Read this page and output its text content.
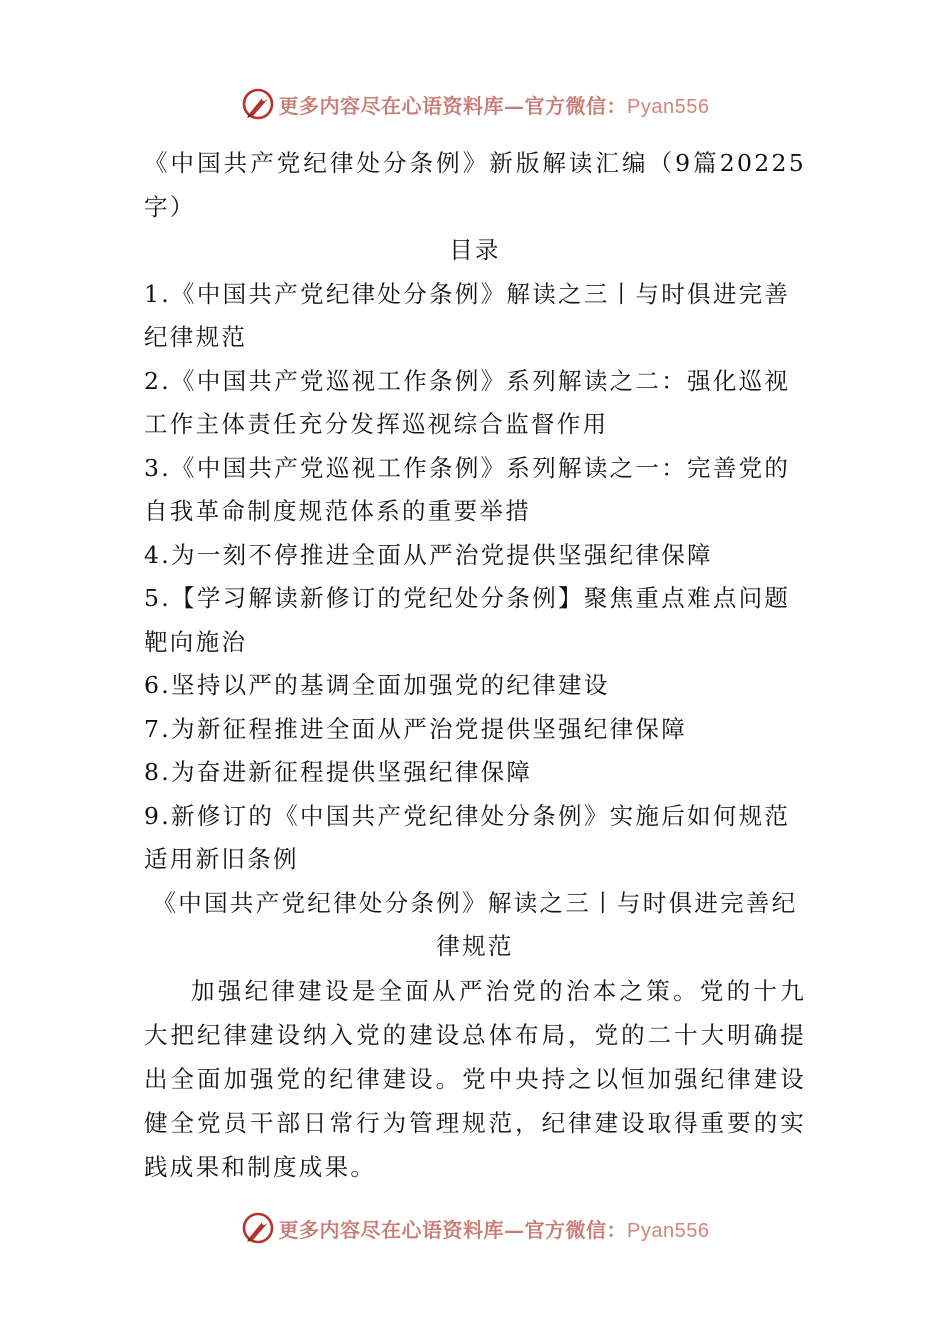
更多内容尽在心语资料库—官方微信：Pyan556

《中国共产党纪律处分条例》新版解读汇编（9篇20225字）

目录

1.《中国共产党纪律处分条例》解读之三丨与时俱进完善纪律规范

2.《中国共产党巡视工作条例》系列解读之二：强化巡视工作主体责任充分发挥巡视综合监督作用

3.《中国共产党巡视工作条例》系列解读之一：完善党的自我革命制度规范体系的重要举措

4.为一刻不停推进全面从严治党提供坚强纪律保障

5.【学习解读新修订的党纪处分条例】聚焦重点难点问题靶向施治

6.坚持以严的基调全面加强党的纪律建设

7.为新征程推进全面从严治党提供坚强纪律保障

8.为奋进新征程提供坚强纪律保障

9.新修订的《中国共产党纪律处分条例》实施后如何规范适用新旧条例

《中国共产党纪律处分条例》解读之三丨与时俱进完善纪律规范

加强纪律建设是全面从严治党的治本之策。党的十九大把纪律建设纳入党的建设总体布局，党的二十大明确提出全面加强党的纪律建设。党中央持之以恒加强纪律建设健全党员干部日常行为管理规范，纪律建设取得重要的实践成果和制度成果。

更多内容尽在心语资料库—官方微信：Pyan556
